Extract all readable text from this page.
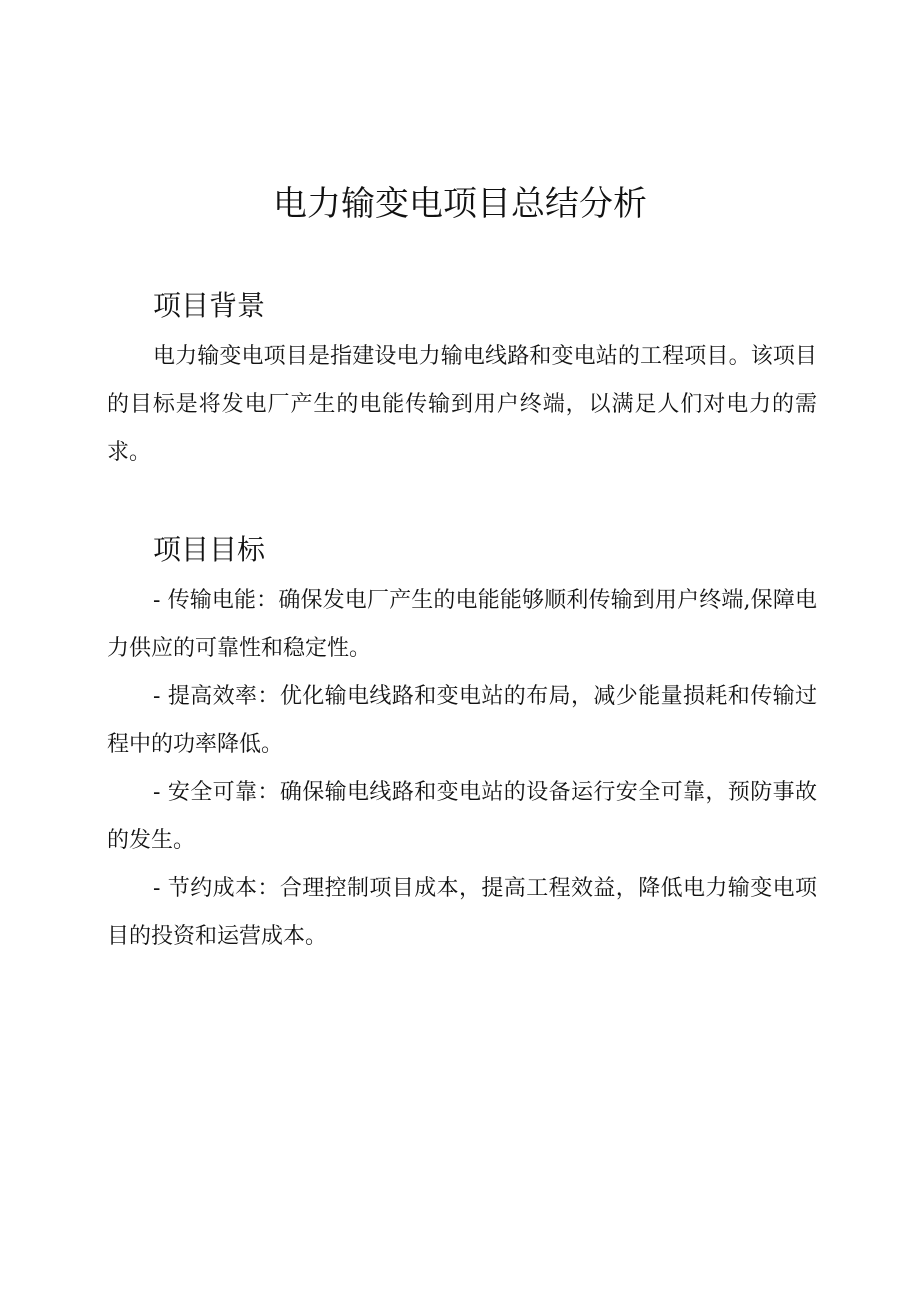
电力输变电项目总结分析
项目背景

电力输变电项目是指建设电力输电线路和变电站的工程项目。该项目的目标是将发电厂产生的电能传输到用户终端，以满足人们对电力的需求。

项目目标

- 传输电能：确保发电厂产生的电能能够顺利传输到用户终端,保障电力供应的可靠性和稳定性。

- 提高效率：优化输电线路和变电站的布局，减少能量损耗和传输过程中的功率降低。

- 安全可靠：确保输电线路和变电站的设备运行安全可靠，预防事故的发生。

- 节约成本：合理控制项目成本，提高工程效益，降低电力输变电项目的投资和运营成本。
